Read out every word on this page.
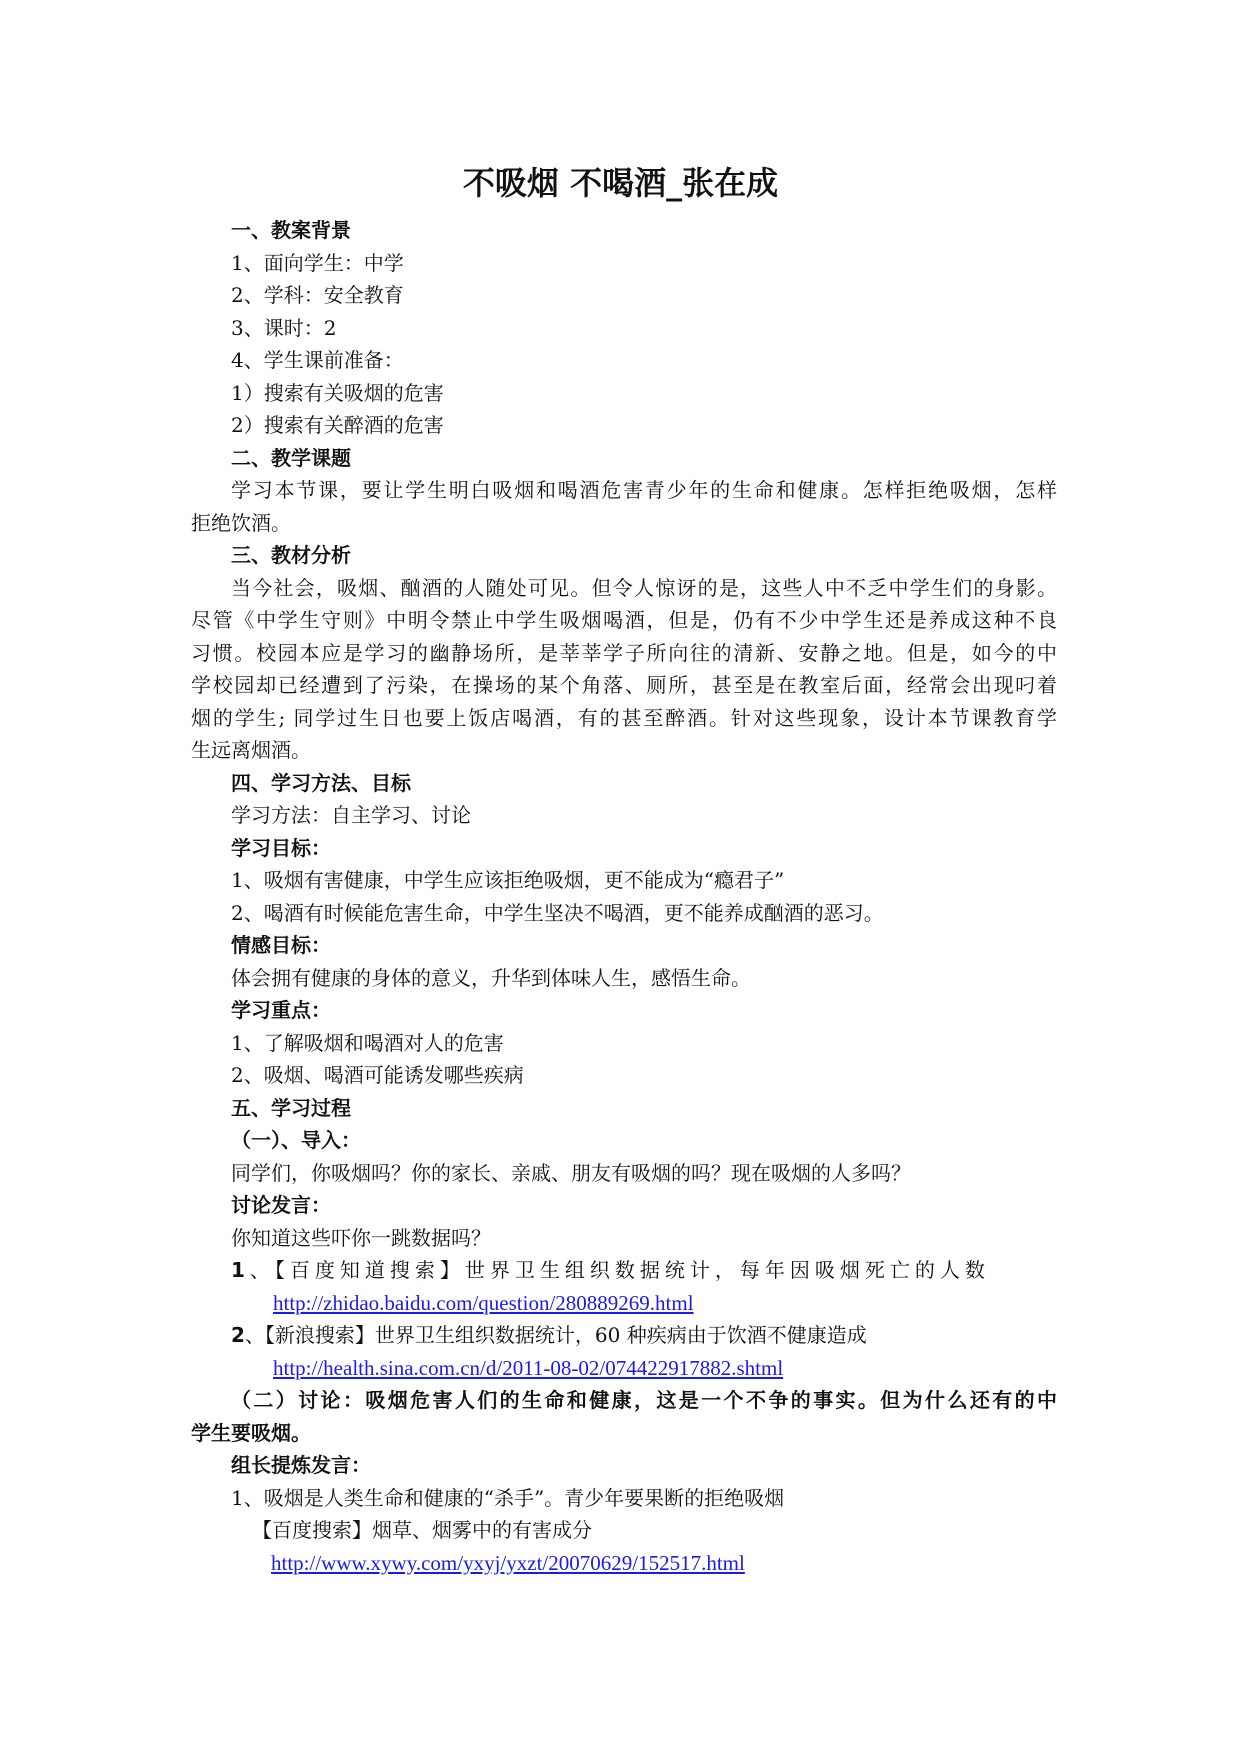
不吸烟 不喝酒_张在成
一、教案背景
1、面向学生：中学
2、学科：安全教育
3、课时：2
4、学生课前准备：
1）搜索有关吸烟的危害
2）搜索有关醉酒的危害
二、教学课题
学习本节课，要让学生明白吸烟和喝酒危害青少年的生命和健康。怎样拒绝吸烟，怎样
拒绝饮酒。
三、教材分析
当今社会，吸烟、酗酒的人随处可见。但令人惊讶的是，这些人中不乏中学生们的身影。
尽管《中学生守则》中明令禁止中学生吸烟喝酒，但是，仍有不少中学生还是养成这种不良
习惯。校园本应是学习的幽静场所，是莘莘学子所向往的清新、安静之地。但是，如今的中
学校园却已经遭到了污染，在操场的某个角落、厕所，甚至是在教室后面，经常会出现叼着
烟的学生; 同学过生日也要上饭店喝酒，有的甚至醉酒。针对这些现象，设计本节课教育学
生远离烟酒。
四、学习方法、目标
学习方法：自主学习、讨论
学习目标：
1、吸烟有害健康，中学生应该拒绝吸烟，更不能成为“瘾君子”
2、喝酒有时候能危害生命，中学生坚决不喝酒，更不能养成酗酒的恶习。
情感目标：
体会拥有健康的身体的意义，升华到体味人生，感悟生命。
学习重点：
1、了解吸烟和喝酒对人的危害
2、吸烟、喝酒可能诱发哪些疾病
五、学习过程
（一）、导入：
同学们，你吸烟吗？你的家长、亲戚、朋友有吸烟的吗？现在吸烟的人多吗？
讨论发言：
你知道这些吓你一跳数据吗？
1、【百度知道搜索】世界卫生组织数据统计，每年因吸烟死亡的人数
http://zhidao.baidu.com/question/280889269.html
2、【新浪搜索】世界卫生组织数据统计，60 种疾病由于饮酒不健康造成
http://health.sina.com.cn/d/2011-08-02/074422917882.shtml
（二）讨论：吸烟危害人们的生命和健康，这是一个不争的事实。但为什么还有的中
学生要吸烟。
组长提炼发言：
1、吸烟是人类生命和健康的“杀手”。青少年要果断的拒绝吸烟
【百度搜索】烟草、烟雾中的有害成分
http://www.xywy.com/yxyj/yxzt/20070629/152517.html
